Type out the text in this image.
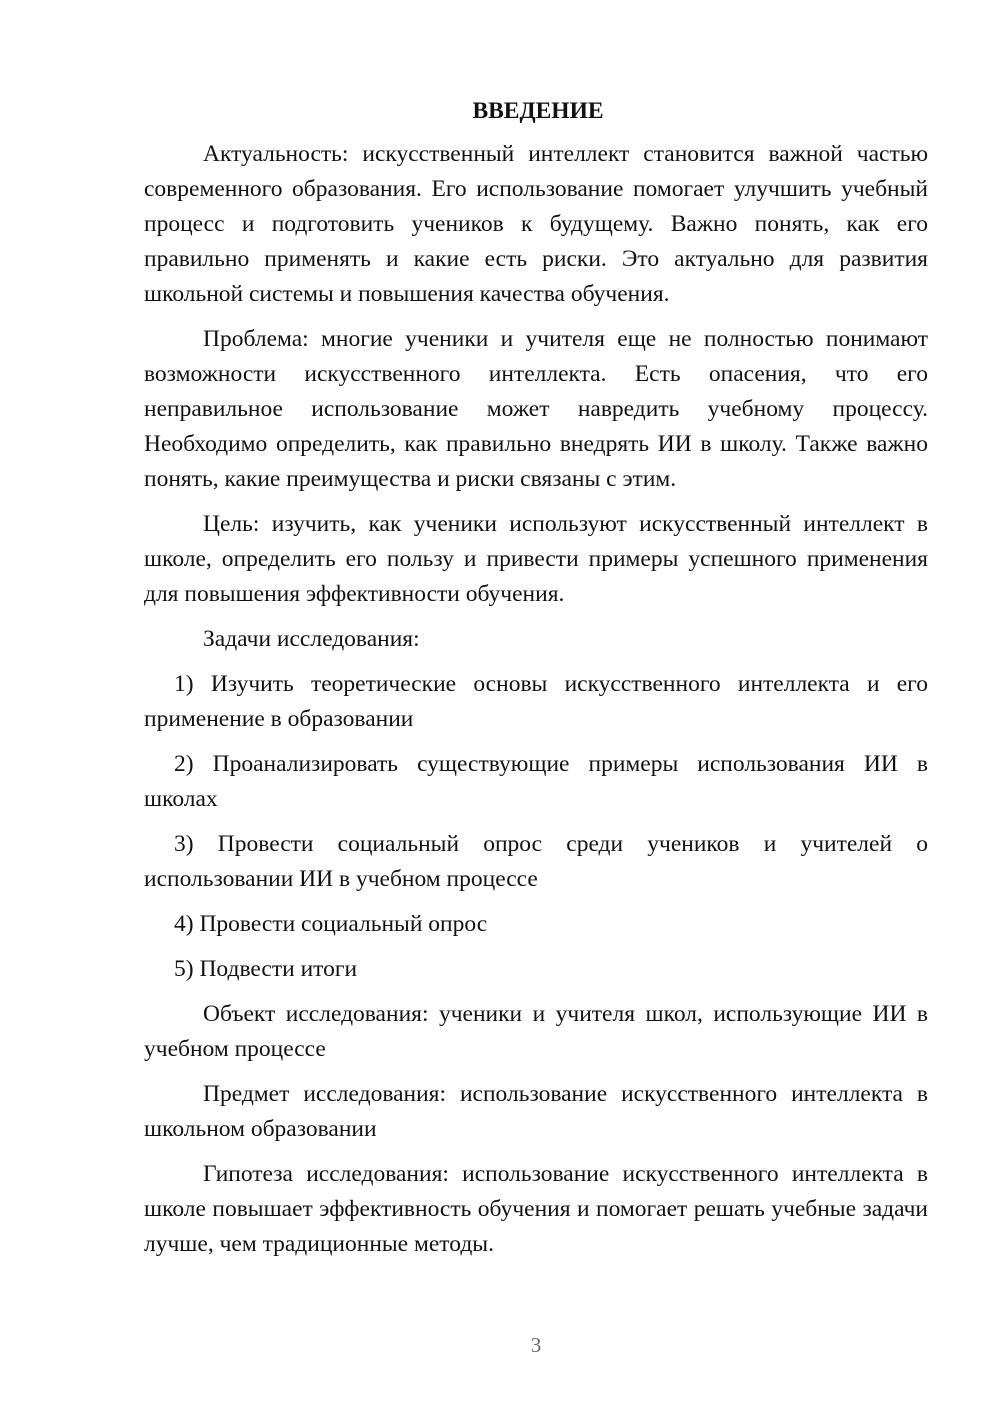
ВВЕДЕНИЕ

Актуальность: искусственный интеллект становится важной частью современного образования. Его использование помогает улучшить учебный процесс и подготовить учеников к будущему. Важно понять, как его правильно применять и какие есть риски. Это актуально для развития школьной системы и повышения качества обучения.

Проблема: многие ученики и учителя еще не полностью понимают возможности искусственного интеллекта. Есть опасения, что его неправильное использование может навредить учебному процессу. Необходимо определить, как правильно внедрять ИИ в школу. Также важно понять, какие преимущества и риски связаны с этим.

Цель: изучить, как ученики используют искусственный интеллект в школе, определить его пользу и привести примеры успешного применения для повышения эффективности обучения.

Задачи исследования:

1) Изучить теоретические основы искусственного интеллекта и его применение в образовании

2) Проанализировать существующие примеры использования ИИ в школах

3) Провести социальный опрос среди учеников и учителей о использовании ИИ в учебном процессе

4) Провести социальный опрос

5) Подвести итоги

Объект исследования: ученики и учителя школ, использующие ИИ в учебном процессе

Предмет исследования: использование искусственного интеллекта в школьном образовании

Гипотеза исследования: использование искусственного интеллекта в школе повышает эффективность обучения и помогает решать учебные задачи лучше, чем традиционные методы.

3
